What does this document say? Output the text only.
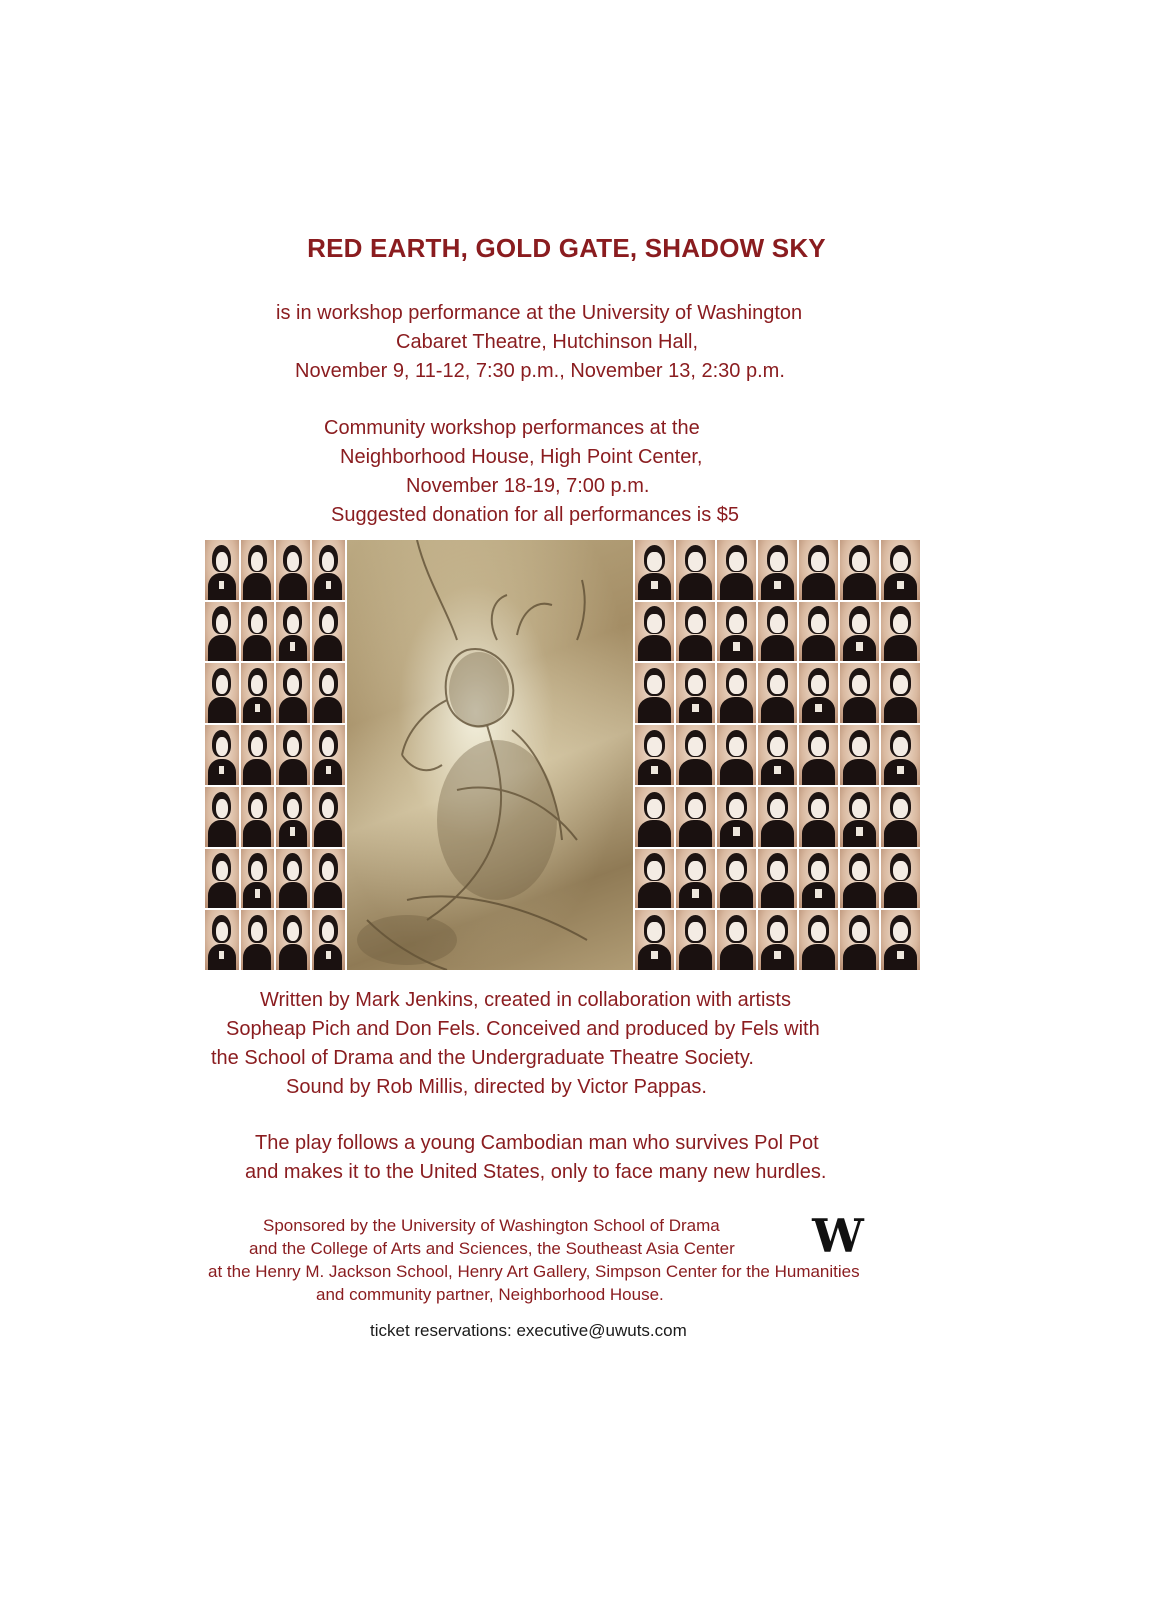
RED EARTH, GOLD GATE, SHADOW SKY
is in workshop performance at the University of Washington
Cabaret Theatre, Hutchinson Hall,
November 9, 11-12, 7:30 p.m., November 13, 2:30 p.m.
Community workshop performances at the
Neighborhood House, High Point Center,
November 18-19, 7:00 p.m.
Suggested donation for all performances is $5
Written by Mark Jenkins, created in collaboration with artists
Sopheap Pich and Don Fels. Conceived and produced by Fels with
the School of Drama and the Undergraduate Theatre Society.
Sound by Rob Millis, directed by Victor Pappas.
The play follows a young Cambodian man who survives Pol Pot
and makes it to the United States, only to face many new hurdles.
Sponsored by the University of Washington School of Drama
and the College of Arts and Sciences, the Southeast Asia Center
at the Henry M. Jackson School, Henry Art Gallery, Simpson Center for the Humanities
and community partner, Neighborhood House.
W
ticket reservations: executive@uwuts.com
